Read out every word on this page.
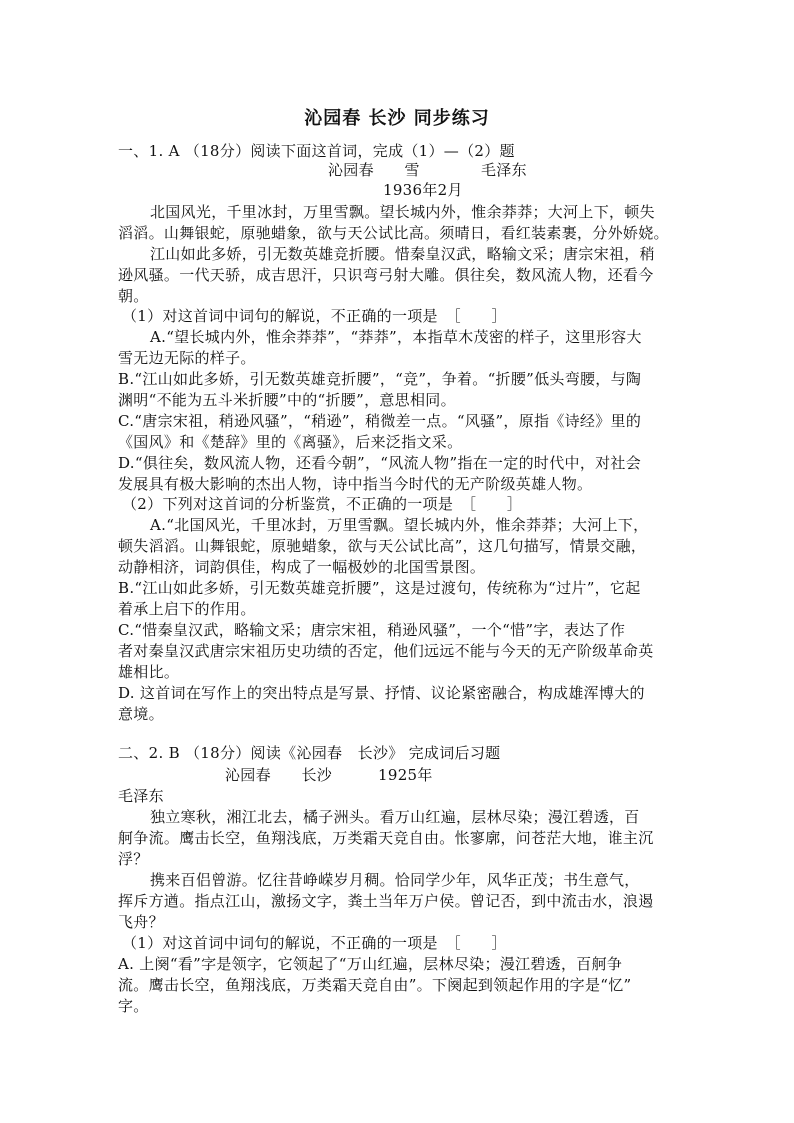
沁园春 长沙 同步练习
一、1. A （18分）阅读下面这首词，完成（1）—（2）题
沁园春　　雪　　　　毛泽东
1936年2月
北国风光，千里冰封，万里雪飘。望长城内外，惟余莽莽；大河上下，顿失
滔滔。山舞银蛇，原驰蜡象，欲与天公试比高。须晴日，看红装素裹，分外娇娆。
江山如此多娇，引无数英雄竞折腰。惜秦皇汉武，略输文采；唐宗宋祖，稍
逊风骚。一代天骄，成吉思汗，只识弯弓射大雕。俱往矣，数风流人物，还看今
朝。
（1）对这首词中词句的解说，不正确的一项是　［　　］
A.“望长城内外，惟余莽莽”，“莽莽”，本指草木茂密的样子，这里形容大
雪无边无际的样子。
B.“江山如此多娇，引无数英雄竞折腰”，“竞”，争着。“折腰”低头弯腰，与陶
渊明“不能为五斗米折腰”中的“折腰”，意思相同。
C.“唐宗宋祖，稍逊风骚”，“稍逊”，稍微差一点。“风骚”，原指《诗经》里的
《国风》和《楚辞》里的《离骚》，后来泛指文采。
D.“俱往矣，数风流人物，还看今朝”，“风流人物”指在一定的时代中，对社会
发展具有极大影响的杰出人物，诗中指当今时代的无产阶级英雄人物。
（2）下列对这首词的分析鉴赏，不正确的一项是　［　　］
A.“北国风光，千里冰封，万里雪飘。望长城内外，惟余莽莽；大河上下，
顿失滔滔。山舞银蛇，原驰蜡象，欲与天公试比高”，这几句描写，情景交融，
动静相济，词韵俱佳，构成了一幅极妙的北国雪景图。
B.“江山如此多娇，引无数英雄竞折腰”，这是过渡句，传统称为“过片”，它起
着承上启下的作用。
C.“惜秦皇汉武，略输文采；唐宗宋祖，稍逊风骚”，一个“惜”字，表达了作
者对秦皇汉武唐宗宋祖历史功绩的否定，他们远远不能与今天的无产阶级革命英
雄相比。
D. 这首词在写作上的突出特点是写景、抒情、议论紧密融合，构成雄浑博大的
意境。
二、2. B （18分）阅读《沁园春　长沙》 完成词后习题
沁园春　　长沙　　　1925年
毛泽东
独立寒秋，湘江北去，橘子洲头。看万山红遍，层林尽染；漫江碧透，百
舸争流。鹰击长空，鱼翔浅底，万类霜天竞自由。怅寥廓，问苍茫大地，谁主沉
浮？
携来百侣曾游。忆往昔峥嵘岁月稠。恰同学少年，风华正茂；书生意气，
挥斥方遒。指点江山，激扬文字，粪土当年万户侯。曾记否，到中流击水，浪遏
飞舟？
（1）对这首词中词句的解说，不正确的一项是　［　　］
A. 上阕“看”字是领字，它领起了“万山红遍，层林尽染；漫江碧透，百舸争
流。鹰击长空，鱼翔浅底，万类霜天竞自由”。下阕起到领起作用的字是“忆”
字。
